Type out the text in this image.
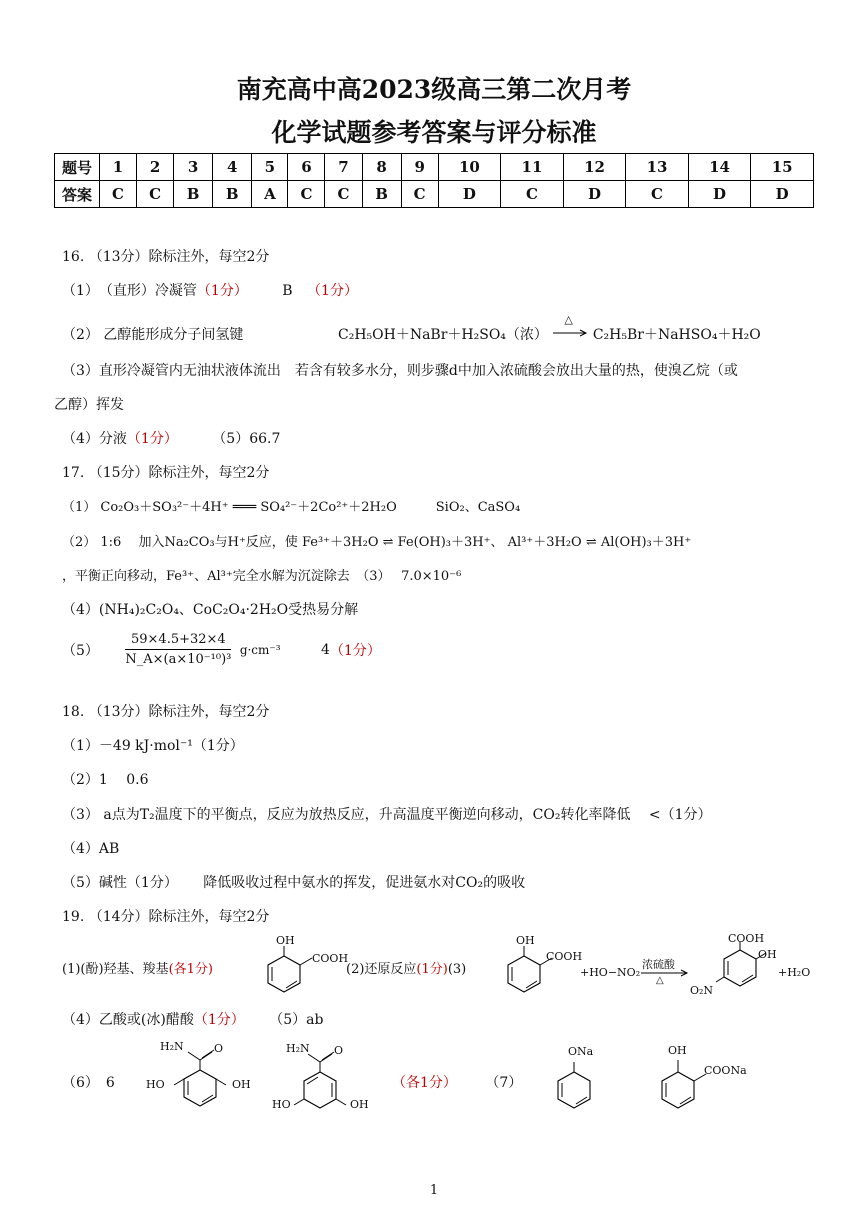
南充高中高2023级高三第二次月考
化学试题参考答案与评分标准
题号	1	2	3	4	5	6	7	8	9	10	11	12	13	14	15
答案	C	C	B	B	A	C	C	B	C	D	C	D	C	D	D
16. （13分）除标注外，每空2分
（1）　（直形）冷凝管（1分） B （1分）
（2） 乙醇能形成分子间氢键	C₂H₅OH＋NaBr＋H₂SO₄（浓）
△
C₂H₅Br＋NaHSO₄＋H₂O
（3）直形冷凝管内无油状液体流出　若含有较多水分，则步骤d中加入浓硫酸会放出大量的热，使溴乙烷（或
乙醇）挥发
（4）分液（1分） （5）66.7
17. （15分）除标注外，每空2分
（1） Co₂O₃＋SO₃²⁻＋4H⁺ ═══ SO₄²⁻＋2Co²⁺＋2H₂O　　　SiO₂、CaSO₄
（2） 1:6　 加入Na₂CO₃与H⁺反应，使 Fe³⁺＋3H₂O ⇌ Fe(OH)₃＋3H⁺、 Al³⁺＋3H₂O ⇌ Al(OH)₃＋3H⁺
，平衡正向移动，Fe³⁺、Al³⁺完全水解为沉淀除去　（3）　 7.0×10⁻⁶
（4）(NH₄)₂C₂O₄、CoC₂O₄·2H₂O受热易分解
$(5) \frac{59\times 4.5+32\times 4}{\text{N\_A×(a×10⁻¹⁰)³}} g\cdot cm^{-3}$	4（1分）
18. （13分）除标注外，每空2分
（1）－49 kJ·mol⁻¹（1分）
（2）1　 0.6
（3） a点为T₂温度下的平衡点，反应为放热反应，升高温度平衡逆向移动，CO₂转化率降低　 <（1分）
（4）AB
（5）碱性（1分）　　 降低吸收过程中氨水的挥发，促进氨水对CO₂的吸收
19. （14分）除标注外，每空2分
(1)(酚)羟基、羧基(各1分)
OH
COOH
(2)还原反应(1分)(3)
OH
COOH
+HO−NO₂
浓硫酸
△
COOH
OH
O₂N
+H₂O
（4）乙酸或(冰)醋酸（1分） （5）ab
（6）　6
H₂N	O
HO	OH
H₂N O
HO	OH
（各1分） （7）
ONa	OH
COONa
1
